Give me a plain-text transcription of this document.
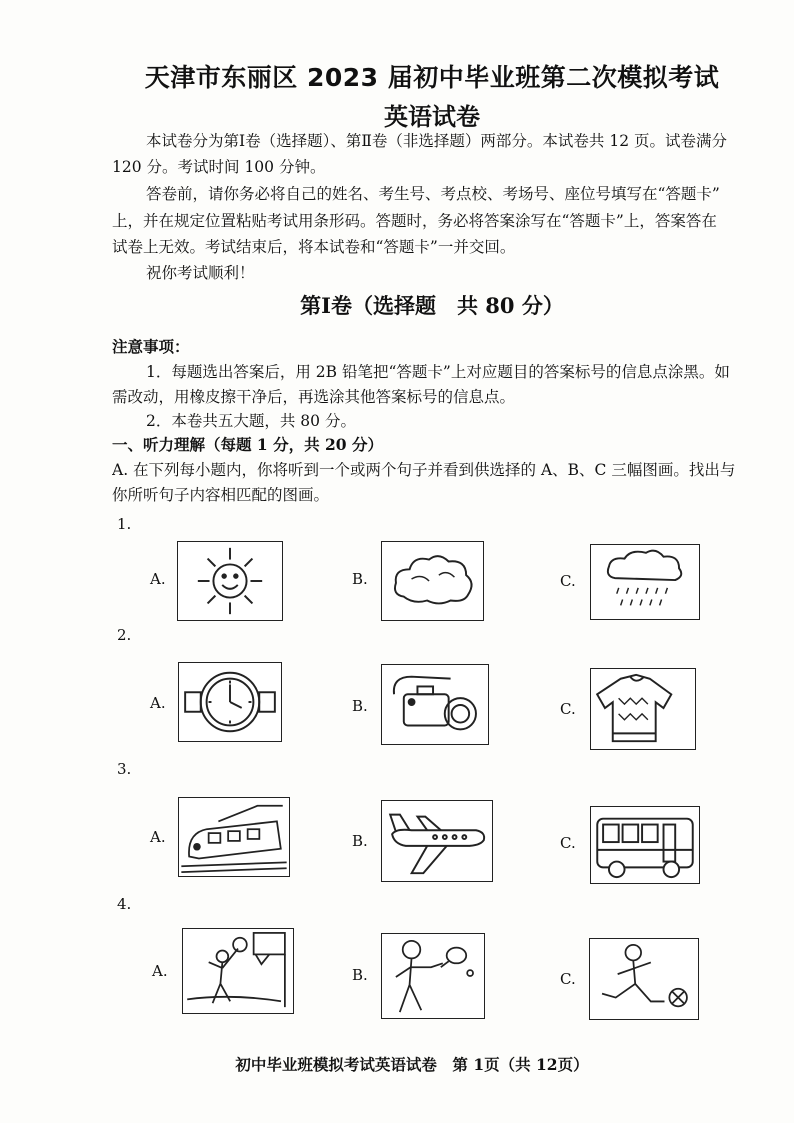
天津市东丽区 2023 届初中毕业班第二次模拟考试
英语试卷
本试卷分为第Ⅰ卷（选择题）、第Ⅱ卷（非选择题）两部分。本试卷共 12 页。试卷满分
120 分。考试时间 100 分钟。
答卷前，请你务必将自己的姓名、考生号、考点校、考场号、座位号填写在“答题卡”
上，并在规定位置粘贴考试用条形码。答题时，务必将答案涂写在“答题卡”上，答案答在
试卷上无效。考试结束后，将本试卷和“答题卡”一并交回。
祝你考试顺利！
第Ⅰ卷（选择题　共 80 分）
注意事项：
1．每题选出答案后，用 2B 铅笔把“答题卡”上对应题目的答案标号的信息点涂黑。如
需改动，用橡皮擦干净后，再选涂其他答案标号的信息点。
2．本卷共五大题，共 80 分。
一、听力理解（每题 1 分，共 20 分）
A. 在下列每小题内，你将听到一个或两个句子并看到供选择的 A、B、C 三幅图画。找出与
你所听句子内容相匹配的图画。
1.
A.	B.	C.
2.
A.	B.	C.
3.
A.	B.	C.
4.
A.	B.	C.
初中毕业班模拟考试英语试卷　第 1页（共 12页）
